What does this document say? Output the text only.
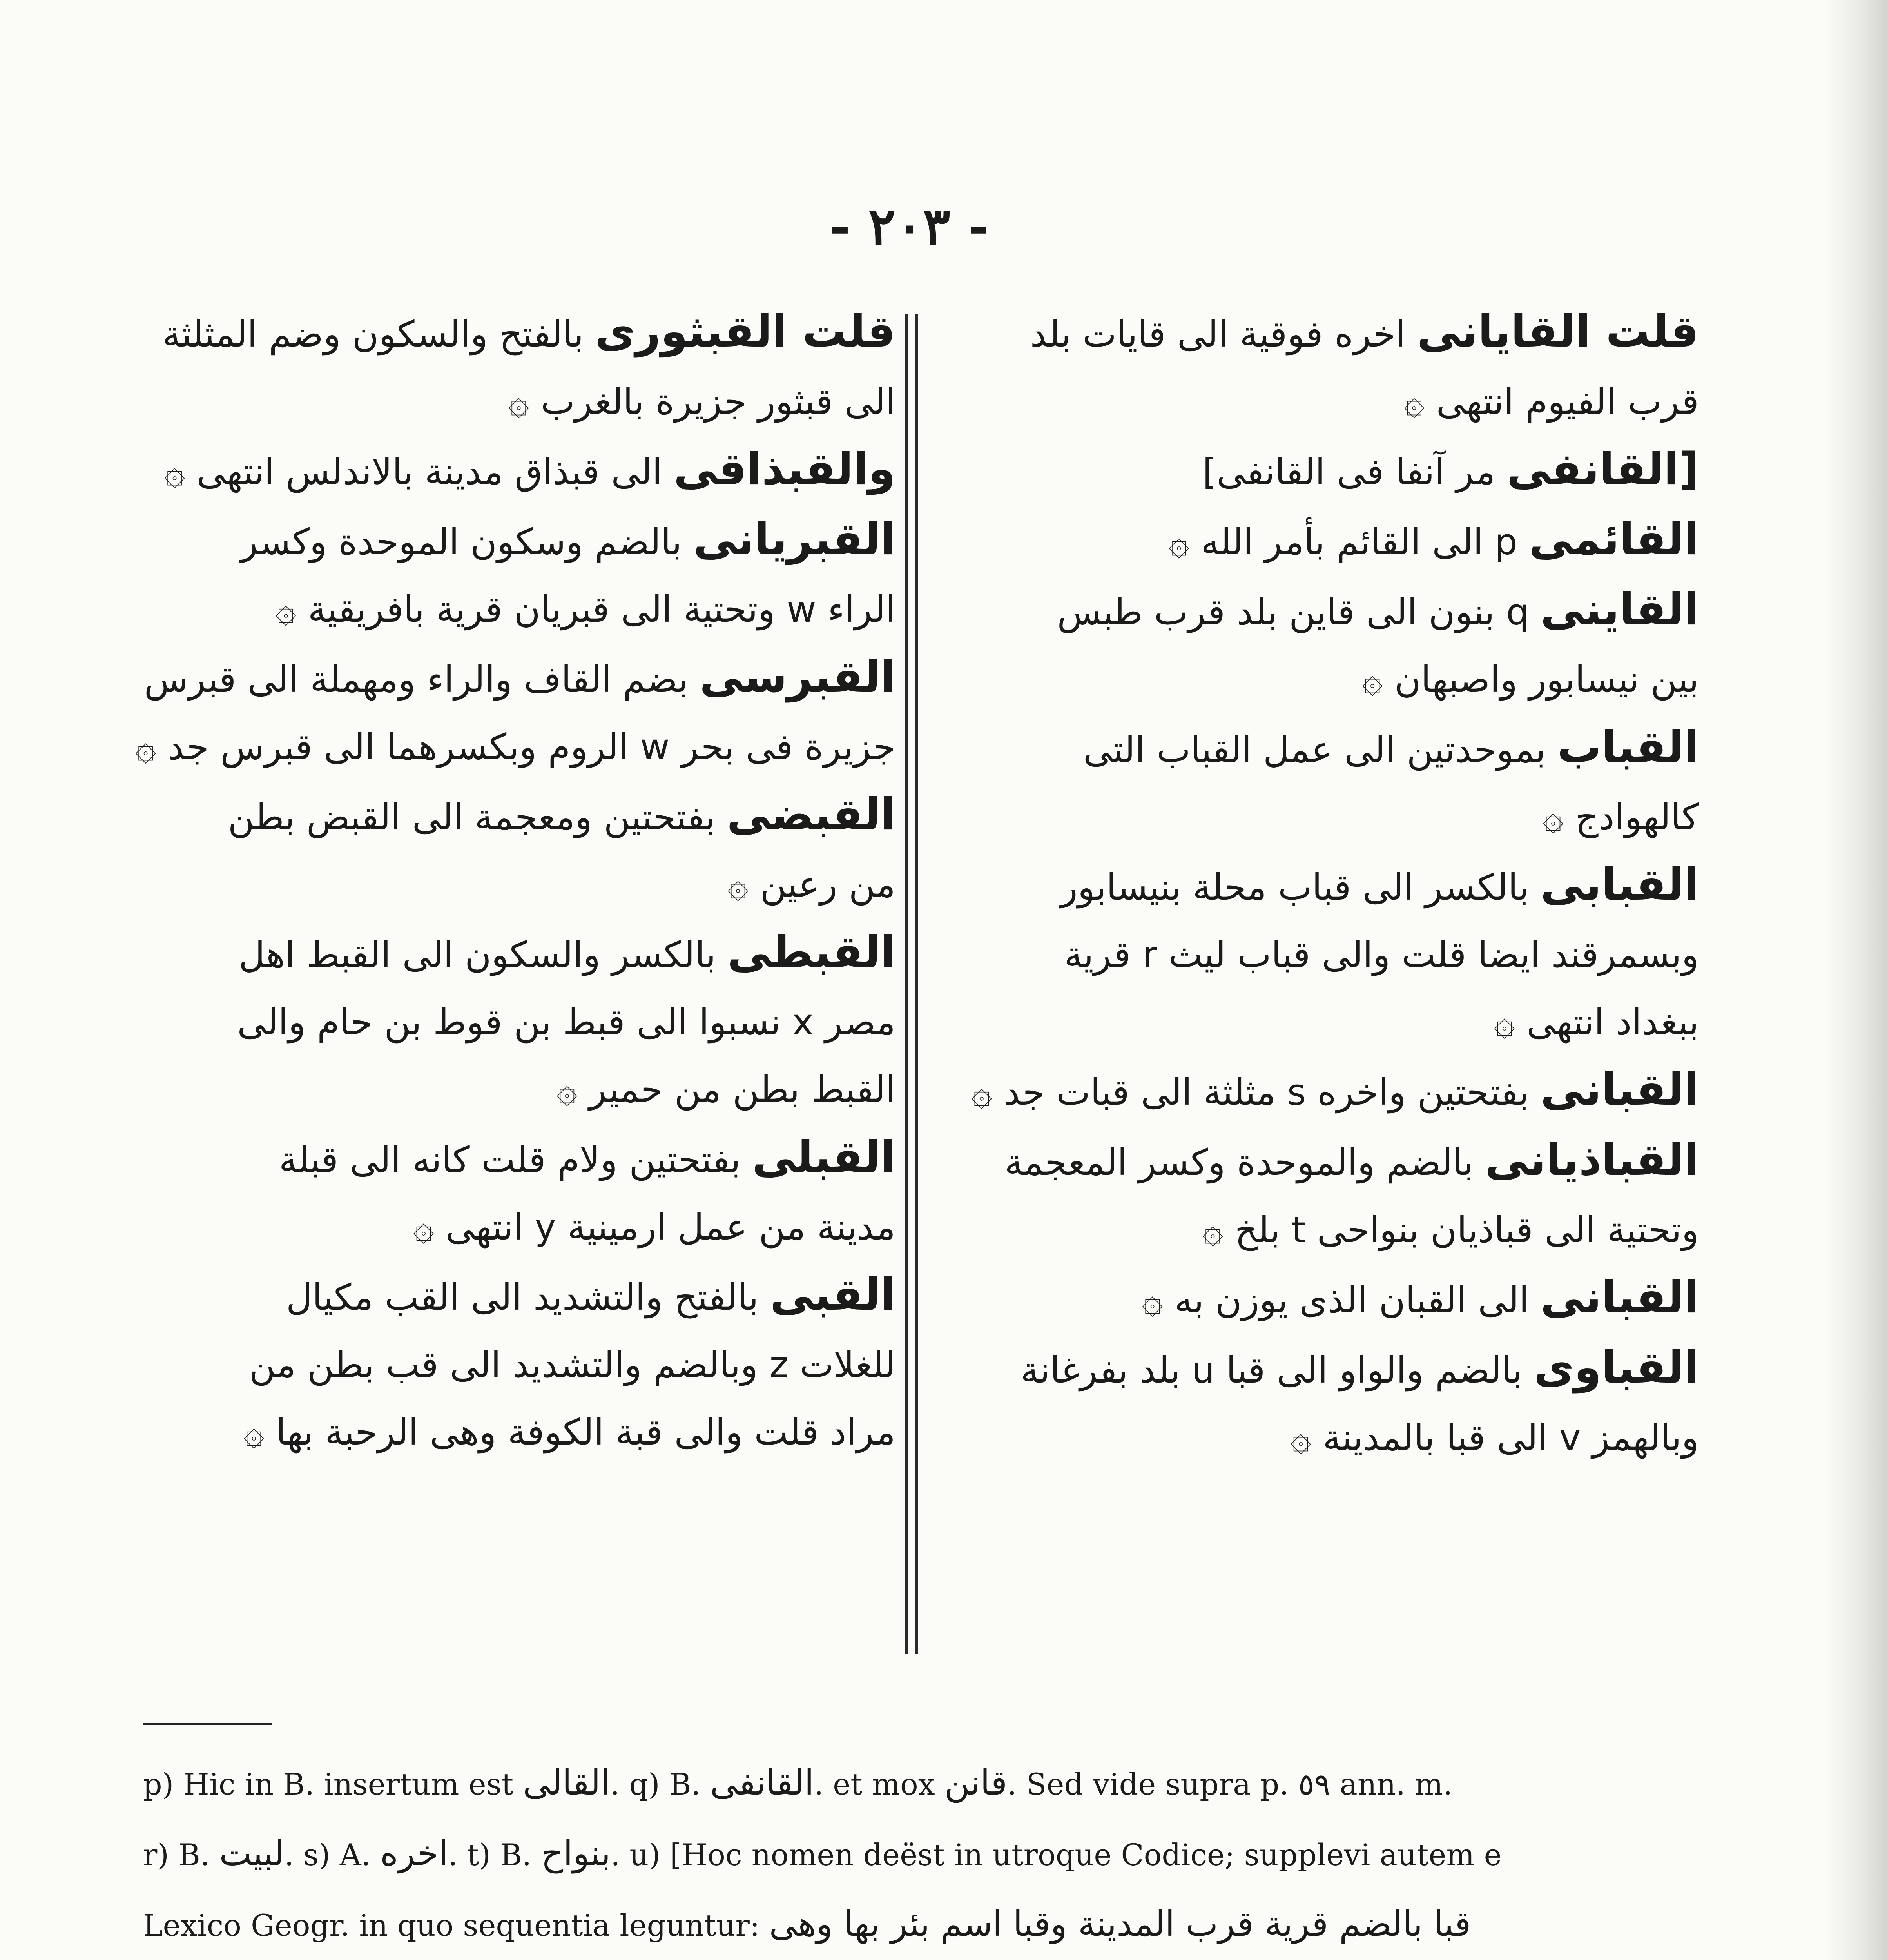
- ٢٠٣ -
قلت القايانى اخره فوقية الى قايات بلد
قرب الفيوم انتهى ۞
[القانفى مر آنفا فى القانفى]
القائمى p الى القائم بأمر الله ۞
القاينى q بنون الى قاين بلد قرب طبس
بين نيسابور واصبهان ۞
القباب بموحدتين الى عمل القباب التى
كالهوادج ۞
القبابى بالكسر الى قباب محلة بنيسابور
وبسمرقند ايضا قلت والى قباب ليث r قرية
ببغداد انتهى ۞
القبانى بفتحتين واخره s مثلثة الى قبات جد ۞
القباذيانى بالضم والموحدة وكسر المعجمة
وتحتية الى قباذيان بنواحى t بلخ ۞
القبانى الى القبان الذى يوزن به ۞
القباوى بالضم والواو الى قبا u بلد بفرغانة
وبالهمز v الى قبا بالمدينة ۞
قلت القبثورى بالفتح والسكون وضم المثلثة
الى قبثور جزيرة بالغرب ۞
والقبذاقى الى قبذاق مدينة بالاندلس انتهى ۞
القبريانى بالضم وسكون الموحدة وكسر
الراء w وتحتية الى قبريان قرية بافريقية ۞
القبرسى بضم القاف والراء ومهملة الى قبرس
جزيرة فى بحر w الروم وبكسرهما الى قبرس جد ۞
القبضى بفتحتين ومعجمة الى القبض بطن
من رعين ۞
القبطى بالكسر والسكون الى القبط اهل
مصر x نسبوا الى قبط بن قوط بن حام والى
القبط بطن من حمير ۞
القبلى بفتحتين ولام قلت كانه الى قبلة
مدينة من عمل ارمينية y انتهى ۞
القبى بالفتح والتشديد الى القب مكيال
للغلات z وبالضم والتشديد الى قب بطن من
مراد قلت والى قبة الكوفة وهى الرحبة بها ۞
p) Hic in B. insertum est القالى. q) B. القانفى. et mox قانن. Sed vide supra p. ٥٩ ann. m.
r) B. لبيت. s) A. اخره. t) B. بنواح. u) [Hoc nomen deëst in utroque Codice; supplevi autem e
Lexico Geogr. in quo sequentia leguntur: قبا بالضم قرية قرب المدينة وقبا اسم بئر بها وهى
